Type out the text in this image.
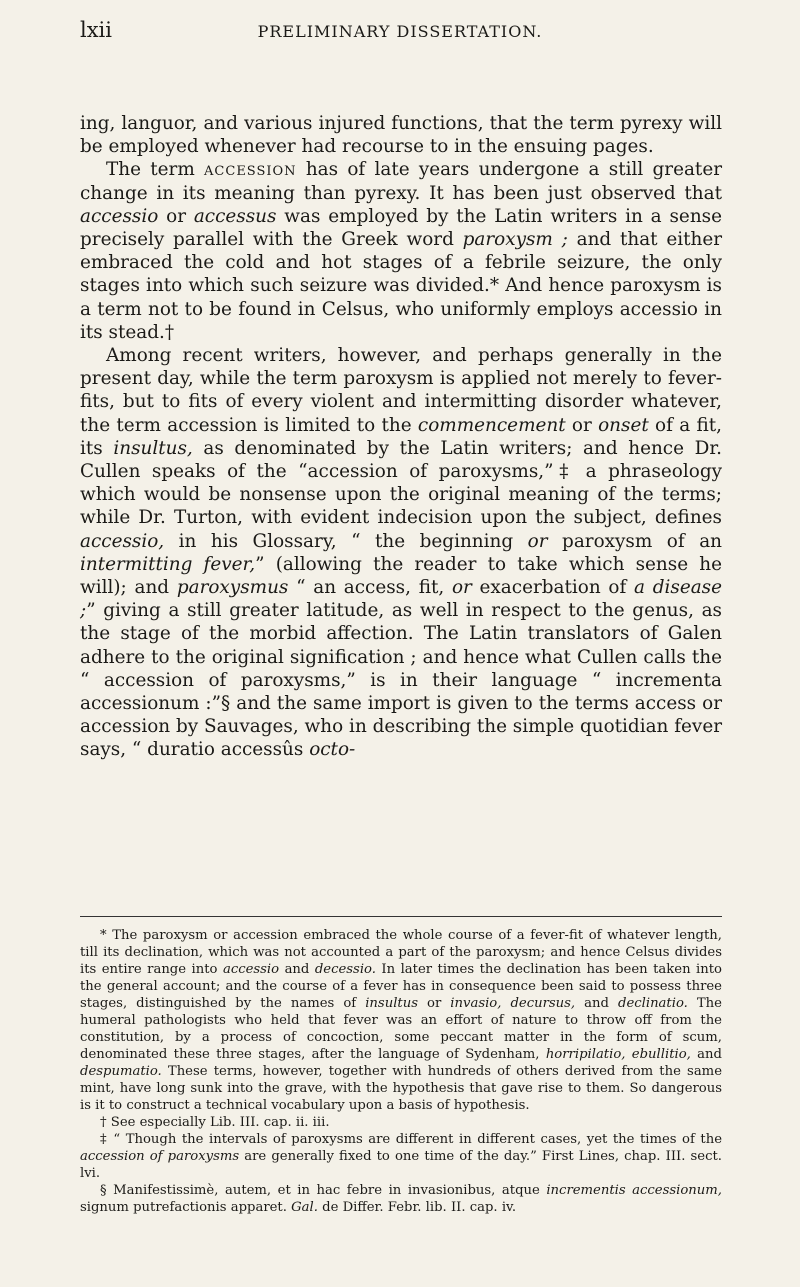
lxii	PRELIMINARY DISSERTATION.

ing, languor, and various injured functions, that the term pyrexy will be employed whenever had recourse to in the ensuing pages.

The term accession has of late years undergone a still greater change in its meaning than pyrexy. It has been just observed that accessio or accessus was employed by the Latin writers in a sense precisely parallel with the Greek word paroxysm ; and that either embraced the cold and hot stages of a febrile seizure, the only stages into which such seizure was divided.* And hence paroxysm is a term not to be found in Celsus, who uniformly employs accessio in its stead.†

Among recent writers, however, and perhaps generally in the present day, while the term paroxysm is applied not merely to fever-fits, but to fits of every violent and intermitting disorder whatever, the term accession is limited to the commencement or onset of a fit, its insultus, as denominated by the Latin writers; and hence Dr. Cullen speaks of the “accession of paroxysms,”‡ a phraseology which would be nonsense upon the original meaning of the terms; while Dr. Turton, with evident indecision upon the subject, defines accessio, in his Glossary, “ the beginning or paroxysm of an intermitting fever,” (allowing the reader to take which sense he will); and paroxysmus “ an access, fit, or exacerbation of a disease ;” giving a still greater latitude, as well in respect to the genus, as the stage of the morbid affection. The Latin translators of Galen adhere to the original signification ; and hence what Cullen calls the “ accession of paroxysms,” is in their language “ incrementa accessionum :”§ and the same import is given to the terms access or accession by Sauvages, who in describing the simple quotidian fever says, “ duratio accessûs octo-

* The paroxysm or accession embraced the whole course of a fever-fit of whatever length, till its declination, which was not accounted a part of the paroxysm; and hence Celsus divides its entire range into accessio and decessio. In later times the declination has been taken into the general account; and the course of a fever has in consequence been said to possess three stages, distinguished by the names of insultus or invasio, decursus, and declinatio. The humeral pathologists who held that fever was an effort of nature to throw off from the constitution, by a process of concoction, some peccant matter in the form of scum, denominated these three stages, after the language of Sydenham, horripilatio, ebullitio, and despumatio. These terms, however, together with hundreds of others derived from the same mint, have long sunk into the grave, with the hypothesis that gave rise to them. So dangerous is it to construct a technical vocabulary upon a basis of hypothesis.

† See especially Lib. III. cap. ii. iii.

‡ “ Though the intervals of paroxysms are different in different cases, yet the times of the accession of paroxysms are generally fixed to one time of the day.” First Lines, chap. III. sect. lvi.

§ Manifestissimè, autem, et in hac febre in invasionibus, atque incrementis accessionum, signum putrefactionis apparet. Gal. de Differ. Febr. lib. II. cap. iv.
